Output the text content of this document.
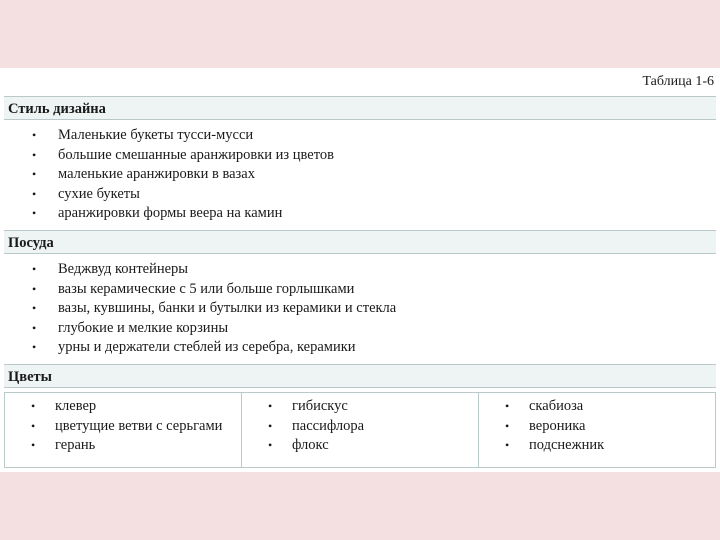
Таблица 1-6
Стиль дизайна
• Маленькие букеты тусси-мусси
• большие смешанные аранжировки из цветов
• маленькие аранжировки в вазах
• сухие букеты
• аранжировки формы веера на камин
Посуда
• Веджвуд контейнеры
• вазы керамические с 5 или больше горлышками
• вазы, кувшины, банки и бутылки из керамики и стекла
• глубокие и мелкие корзины
• урны и держатели стеблей из серебра, керамики
Цветы
• клевер
• цветущие ветви с серьгами
• герань
• гибискус
• пассифлора
• флокс
• скабиоза
• вероника
• подснежник
